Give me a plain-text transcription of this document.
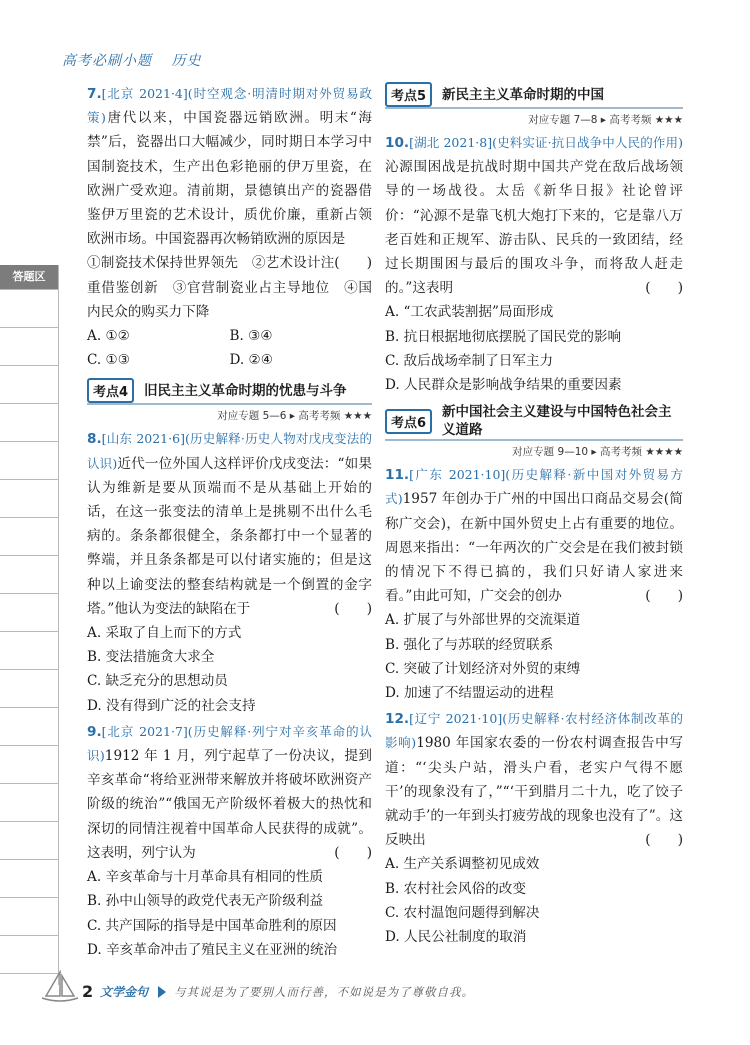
高考必刷小题 历史
答题区
7.[北京 2021·4](时空观念·明清时期对外贸易政策)唐代以来，中国瓷器远销欧洲。明末“海禁”后，瓷器出口大幅减少，同时期日本学习中国制瓷技术，生产出色彩艳丽的伊万里瓷，在欧洲广受欢迎。清前期，景德镇出产的瓷器借鉴伊万里瓷的艺术设计，质优价廉，重新占领欧洲市场。中国瓷器再次畅销欧洲的原因是
(　　)
①制瓷技术保持世界领先　②艺术设计注重借鉴创新　③官营制瓷业占主导地位　④国内民众的购买力下降
A. ①②	B. ③④
C. ①③	D. ②④
考点4	旧民主主义革命时期的忧患与斗争
对应专题 5—6 ▸ 高考考频 ★★★
8.[山东 2021·6](历史解释·历史人物对戊戌变法的认识)近代一位外国人这样评价戊戌变法：“如果认为维新是要从顶端而不是从基础上开始的话，在这一张变法的清单上是挑剔不出什么毛病的。条条都很健全，条条都打中一个显著的弊端，并且条条都是可以付诸实施的；但是这种以上谕变法的整套结构就是一个倒置的金字塔。”他认为变法的缺陷在于	(　　)
A. 采取了自上而下的方式
B. 变法措施贪大求全
C. 缺乏充分的思想动员
D. 没有得到广泛的社会支持
9.[北京 2021·7](历史解释·列宁对辛亥革命的认识)1912 年 1 月，列宁起草了一份决议，提到辛亥革命“将给亚洲带来解放并将破坏欧洲资产阶级的统治”“俄国无产阶级怀着极大的热忱和深切的同情注视着中国革命人民获得的成就”。这表明，列宁认为	(　　)
A. 辛亥革命与十月革命具有相同的性质
B. 孙中山领导的政党代表无产阶级利益
C. 共产国际的指导是中国革命胜利的原因
D. 辛亥革命冲击了殖民主义在亚洲的统治
考点5	新民主主义革命时期的中国
对应专题 7—8 ▸ 高考考频 ★★★
10.[湖北 2021·8](史料实证·抗日战争中人民的作用)沁源围困战是抗战时期中国共产党在敌后战场领导的一场战役。太岳《新华日报》社论曾评价：“沁源不是靠飞机大炮打下来的，它是靠八万老百姓和正规军、游击队、民兵的一致团结，经过长期围困与最后的围攻斗争，而将敌人赶走的。”这表明	(　　)
A. “工农武装割据”局面形成
B. 抗日根据地彻底摆脱了国民党的影响
C. 敌后战场牵制了日军主力
D. 人民群众是影响战争结果的重要因素
考点6
新中国社会主义建设与中国特色社会主义道路
对应专题 9—10 ▸ 高考考频 ★★★★
11.[广东 2021·10](历史解释·新中国对外贸易方式)1957 年创办于广州的中国出口商品交易会(简称广交会)，在新中国外贸史上占有重要的地位。周恩来指出：“一年两次的广交会是在我们被封锁的情况下不得已搞的，我们只好请人家进来看。”由此可知，广交会的创办	(　　)
A. 扩展了与外部世界的交流渠道
B. 强化了与苏联的经贸联系
C. 突破了计划经济对外贸的束缚
D. 加速了不结盟运动的进程
12.[辽宁 2021·10](历史解释·农村经济体制改革的影响)1980 年国家农委的一份农村调查报告中写道：“‘尖头户站，滑头户看，老实户气得不愿干’的现象没有了，”“‘干到腊月二十九，吃了饺子就动手’的一年到头打疲劳战的现象也没有了”。这反映出	(　　)
A. 生产关系调整初见成效
B. 农村社会风俗的改变
C. 农村温饱问题得到解决
D. 人民公社制度的取消
2 文学金句 与其说是为了要别人而行善，不如说是为了尊敬自我。
